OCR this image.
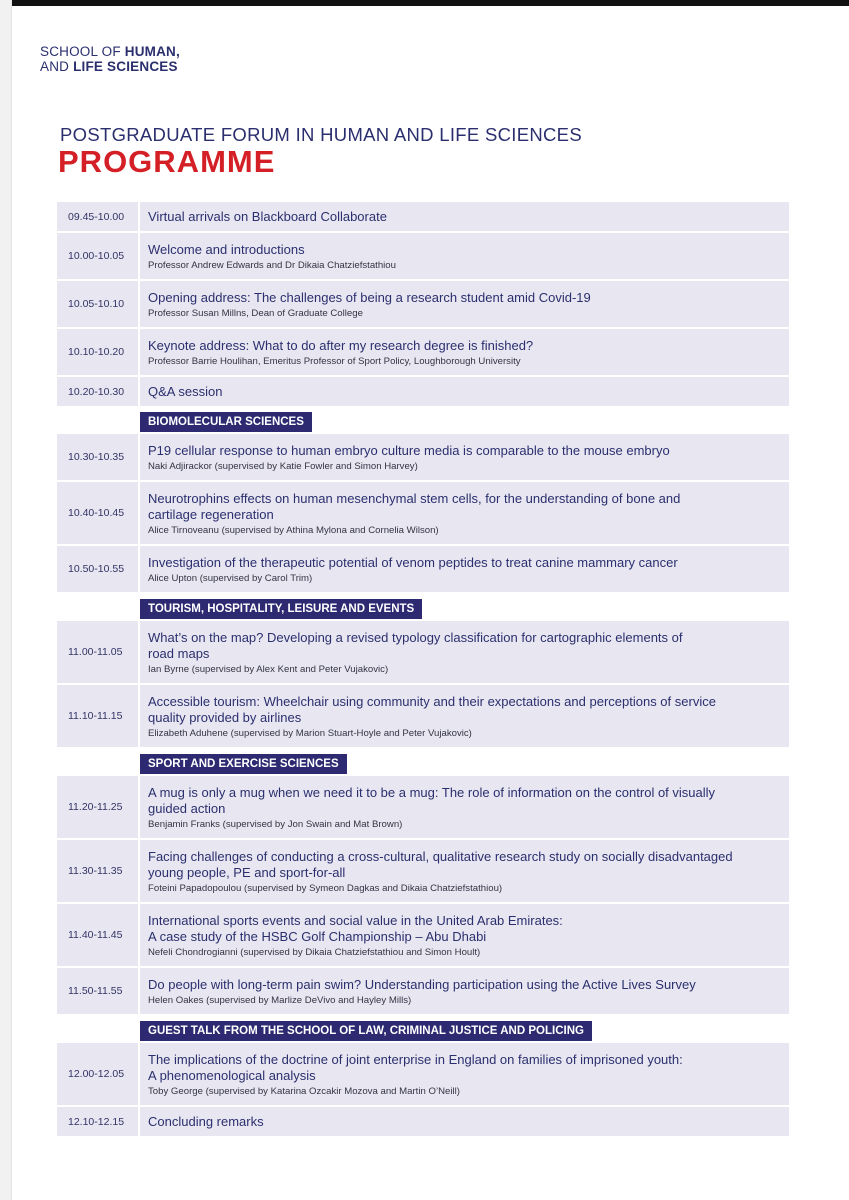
SCHOOL OF HUMAN,
AND LIFE SCIENCES
POSTGRADUATE FORUM IN HUMAN AND LIFE SCIENCES
PROGRAMME
09.45-10.00	Virtual arrivals on Blackboard Collaborate
10.00-10.05	Welcome and introductions
Professor Andrew Edwards and Dr Dikaia Chatziefstathiou
10.05-10.10	Opening address: The challenges of being a research student amid Covid-19
Professor Susan Millns, Dean of Graduate College
10.10-10.20	Keynote address: What to do after my research degree is finished?
Professor Barrie Houlihan, Emeritus Professor of Sport Policy, Loughborough University
10.20-10.30	Q&A session
BIOMOLECULAR SCIENCES
10.30-10.35	P19 cellular response to human embryo culture media is comparable to the mouse embryo
Naki Adjirackor (supervised by Katie Fowler and Simon Harvey)
10.40-10.45
Neurotrophins effects on human mesenchymal stem cells, for the understanding of bone and
cartilage regeneration
Alice Tirnoveanu (supervised by Athina Mylona and Cornelia Wilson)
10.50-10.55	Investigation of the therapeutic potential of venom peptides to treat canine mammary cancer
Alice Upton (supervised by Carol Trim)
TOURISM, HOSPITALITY, LEISURE AND EVENTS
11.00-11.05
What’s on the map? Developing a revised typology classification for cartographic elements of
road maps
Ian Byrne (supervised by Alex Kent and Peter Vujakovic)
11.10-11.15
Accessible tourism: Wheelchair using community and their expectations and perceptions of service
quality provided by airlines
Elizabeth Aduhene (supervised by Marion Stuart-Hoyle and Peter Vujakovic)
SPORT AND EXERCISE SCIENCES
11.20-11.25
A mug is only a mug when we need it to be a mug: The role of information on the control of visually
guided action
Benjamin Franks (supervised by Jon Swain and Mat Brown)
11.30-11.35
Facing challenges of conducting a cross-cultural, qualitative research study on socially disadvantaged
young people, PE and sport-for-all
Foteini Papadopoulou (supervised by Symeon Dagkas and Dikaia Chatziefstathiou)
11.40-11.45
International sports events and social value in the United Arab Emirates:
A case study of the HSBC Golf Championship – Abu Dhabi
Nefeli Chondrogianni (supervised by Dikaia Chatziefstathiou and Simon Hoult)
11.50-11.55	Do people with long-term pain swim? Understanding participation using the Active Lives Survey
Helen Oakes (supervised by Marlize DeVivo and Hayley Mills)
GUEST TALK FROM THE SCHOOL OF LAW, CRIMINAL JUSTICE AND POLICING
12.00-12.05
The implications of the doctrine of joint enterprise in England on families of imprisoned youth:
A phenomenological analysis
Toby George (supervised by Katarina Ozcakir Mozova and Martin O’Neill)
12.10-12.15	Concluding remarks
